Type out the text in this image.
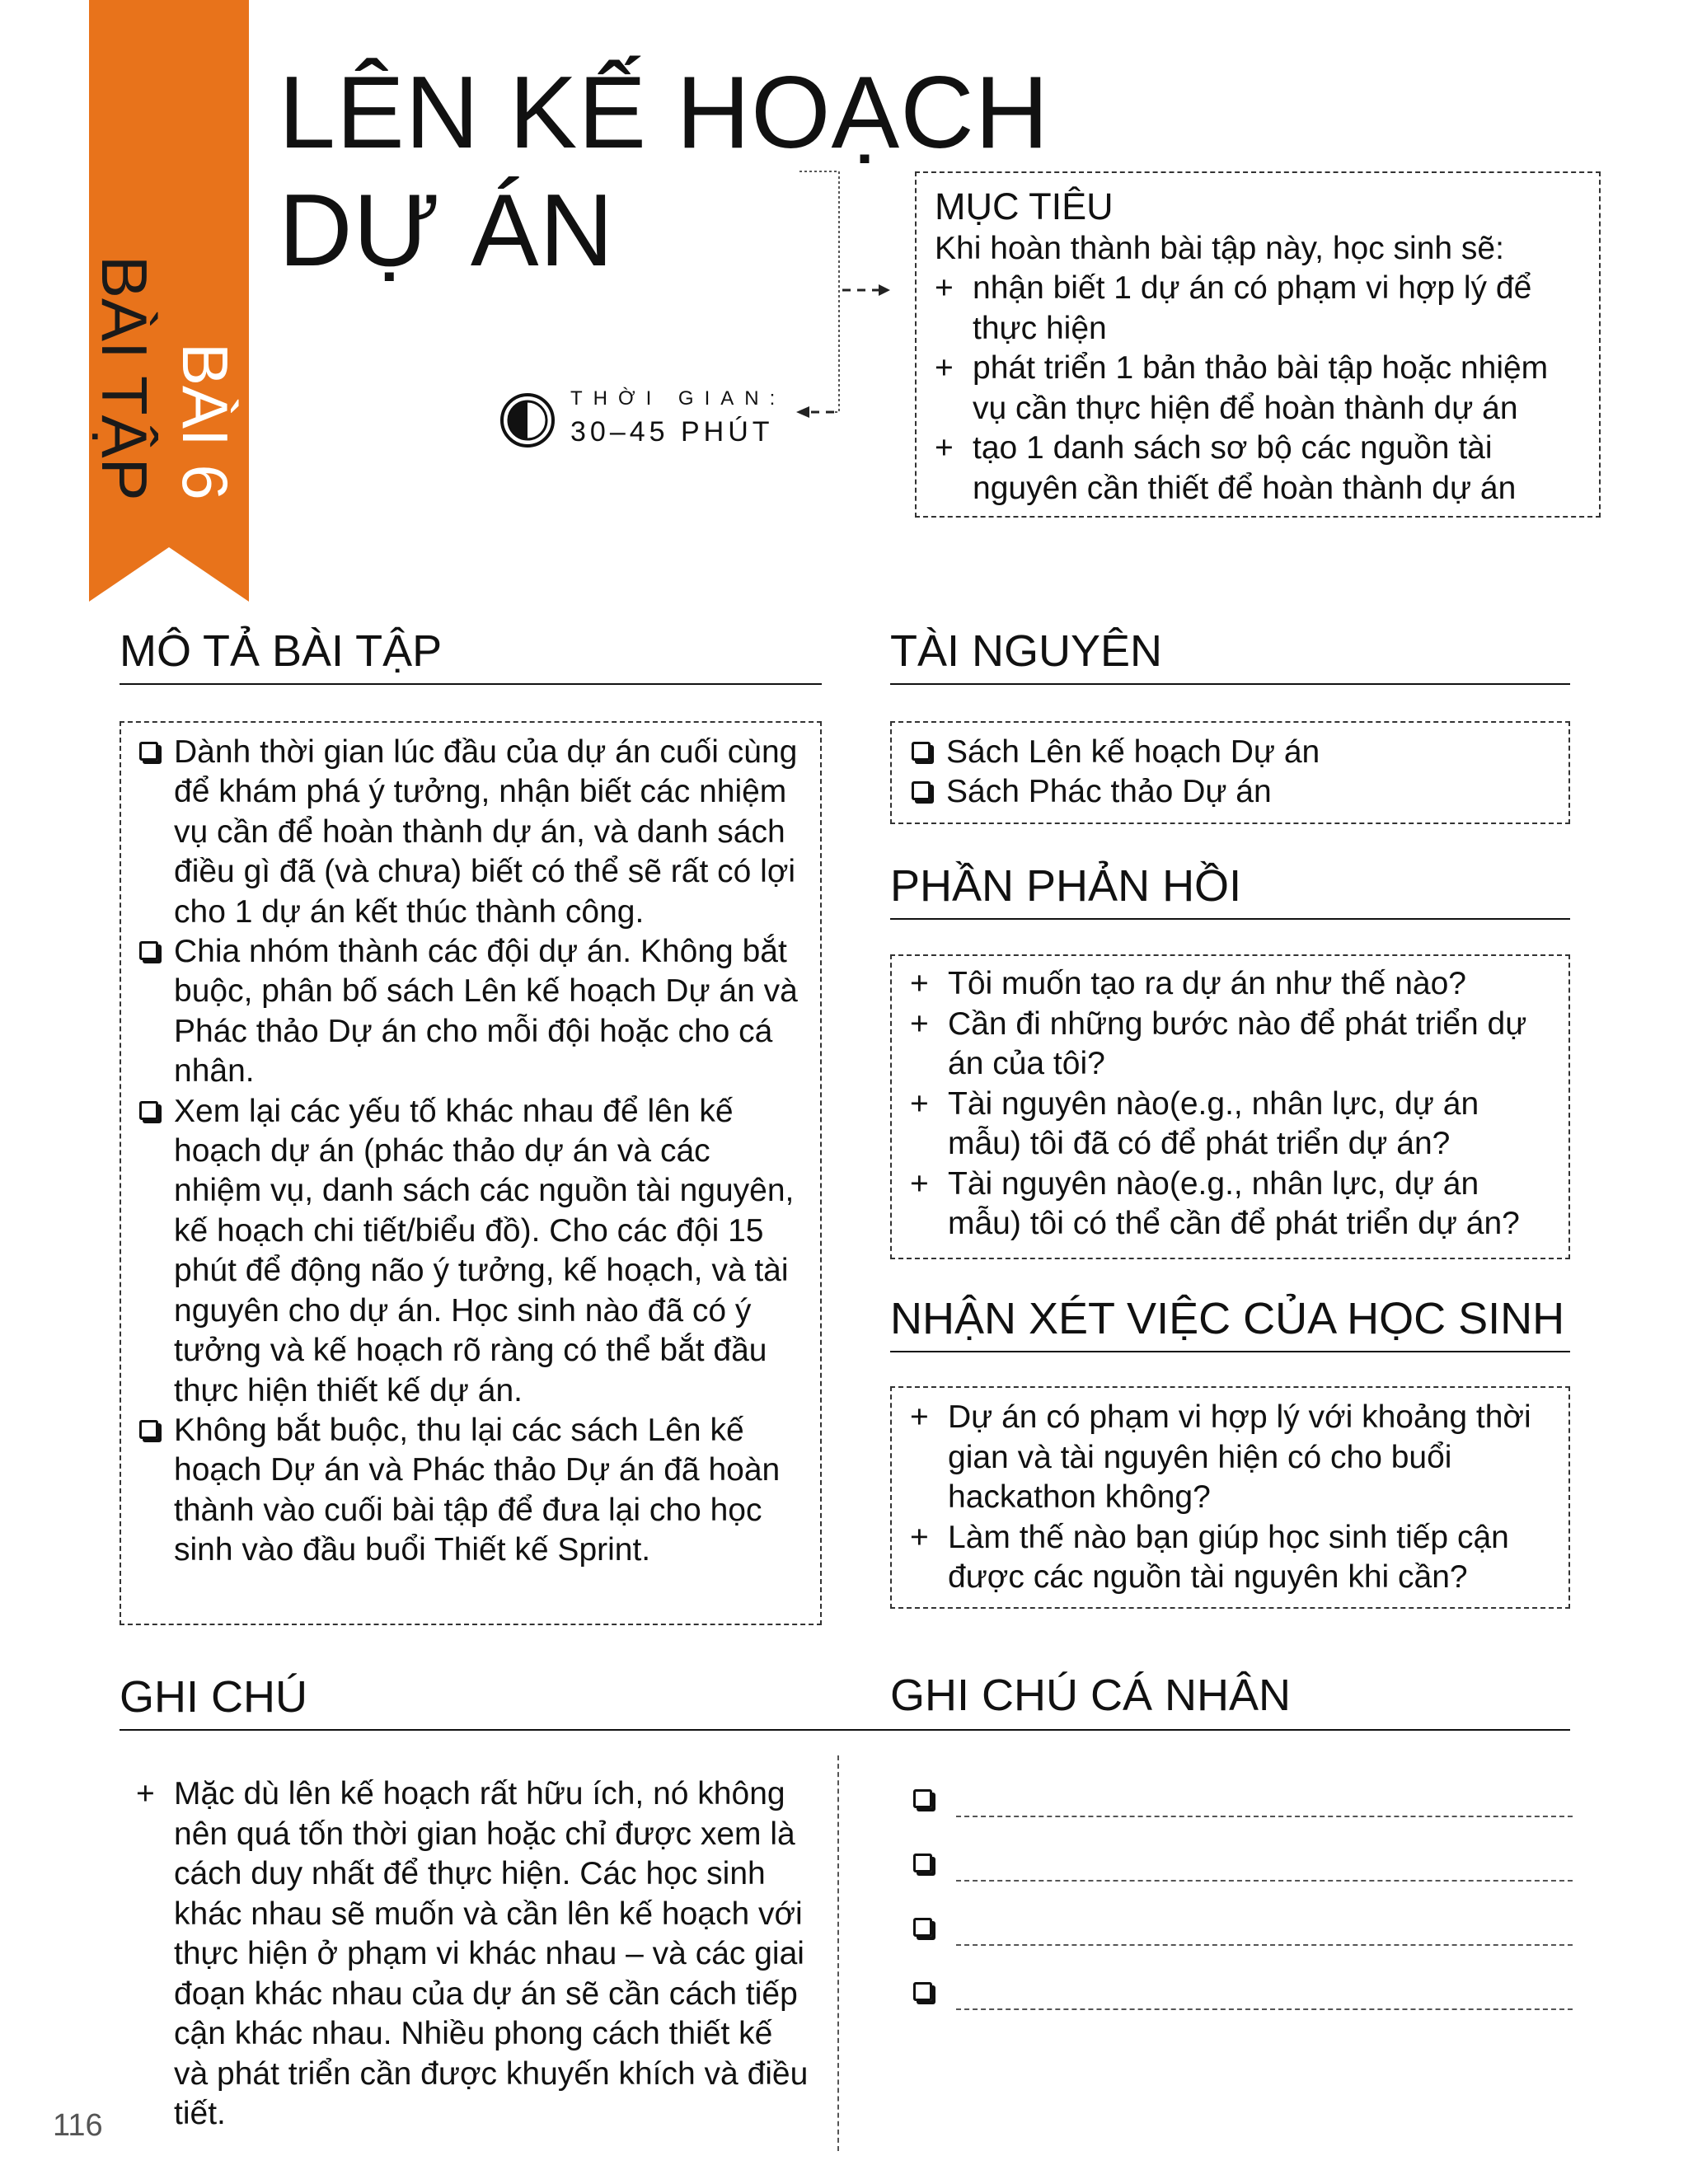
BÀI 6
BÀI TẬP
LÊN KẾ HOẠCH
DỰ ÁN
THỜI GIAN:
30–45 PHÚT
MỤC TIÊU

Khi hoàn thành bài tập này, học sinh sẽ:

+ nhận biết 1 dự án có phạm vi hợp lý để thực hiện
+ phát triển 1 bản thảo bài tập hoặc nhiệm vụ cần thực hiện để hoàn thành dự án
+ tạo 1 danh sách sơ bộ các nguồn tài nguyên cần thiết để hoàn thành dự án
MÔ TẢ BÀI TẬP
Dành thời gian lúc đầu của dự án cuối cùng để khám phá ý tưởng, nhận biết các nhiệm vụ cần để hoàn thành dự án, và danh sách điều gì đã (và chưa) biết có thể sẽ rất có lợi cho 1 dự án kết thúc thành công.
Chia nhóm thành các đội dự án. Không bắt buộc, phân bố sách Lên kế hoạch Dự án và Phác thảo Dự án cho mỗi đội hoặc cho cá nhân.
Xem lại các yếu tố khác nhau để lên kế hoạch dự án (phác thảo dự án và các nhiệm vụ, danh sách các nguồn tài nguyên, kế hoạch chi tiết/biểu đồ). Cho các đội 15 phút để động não ý tưởng, kế hoạch, và tài nguyên cho dự án. Học sinh nào đã có ý tưởng và kế hoạch rõ ràng có thể bắt đầu thực hiện thiết kế dự án.
Không bắt buộc, thu lại các sách Lên kế hoạch Dự án và Phác thảo Dự án đã hoàn thành vào cuối bài tập để đưa lại cho học sinh vào đầu buổi Thiết kế Sprint.
TÀI NGUYÊN
Sách Lên kế hoạch Dự án
Sách Phác thảo Dự án
PHẦN PHẢN HỒI
+ Tôi muốn tạo ra dự án như thế nào?
+ Cần đi những bước nào để phát triển dự án của tôi?
+ Tài nguyên nào(e.g., nhân lực, dự án mẫu) tôi đã có để phát triển dự án?
+ Tài nguyên nào(e.g., nhân lực, dự án mẫu) tôi có thể cần để phát triển dự án?
NHẬN XÉT VIỆC CỦA HỌC SINH
+ Dự án có phạm vi hợp lý với khoảng thời gian và tài nguyên hiện có cho buổi hackathon không?
+ Làm thế nào bạn giúp học sinh tiếp cận được các nguồn tài nguyên khi cần?
GHI CHÚ
+ Mặc dù lên kế hoạch rất hữu ích, nó không nên quá tốn thời gian hoặc chỉ được xem là cách duy nhất để thực hiện. Các học sinh khác nhau sẽ muốn và cần lên kế hoạch với thực hiện ở phạm vi khác nhau – và các giai đoạn khác nhau của dự án sẽ cần cách tiếp cận khác nhau. Nhiều phong cách thiết kế và phát triển cần được khuyến khích và điều tiết.
GHI CHÚ CÁ NHÂN
116
